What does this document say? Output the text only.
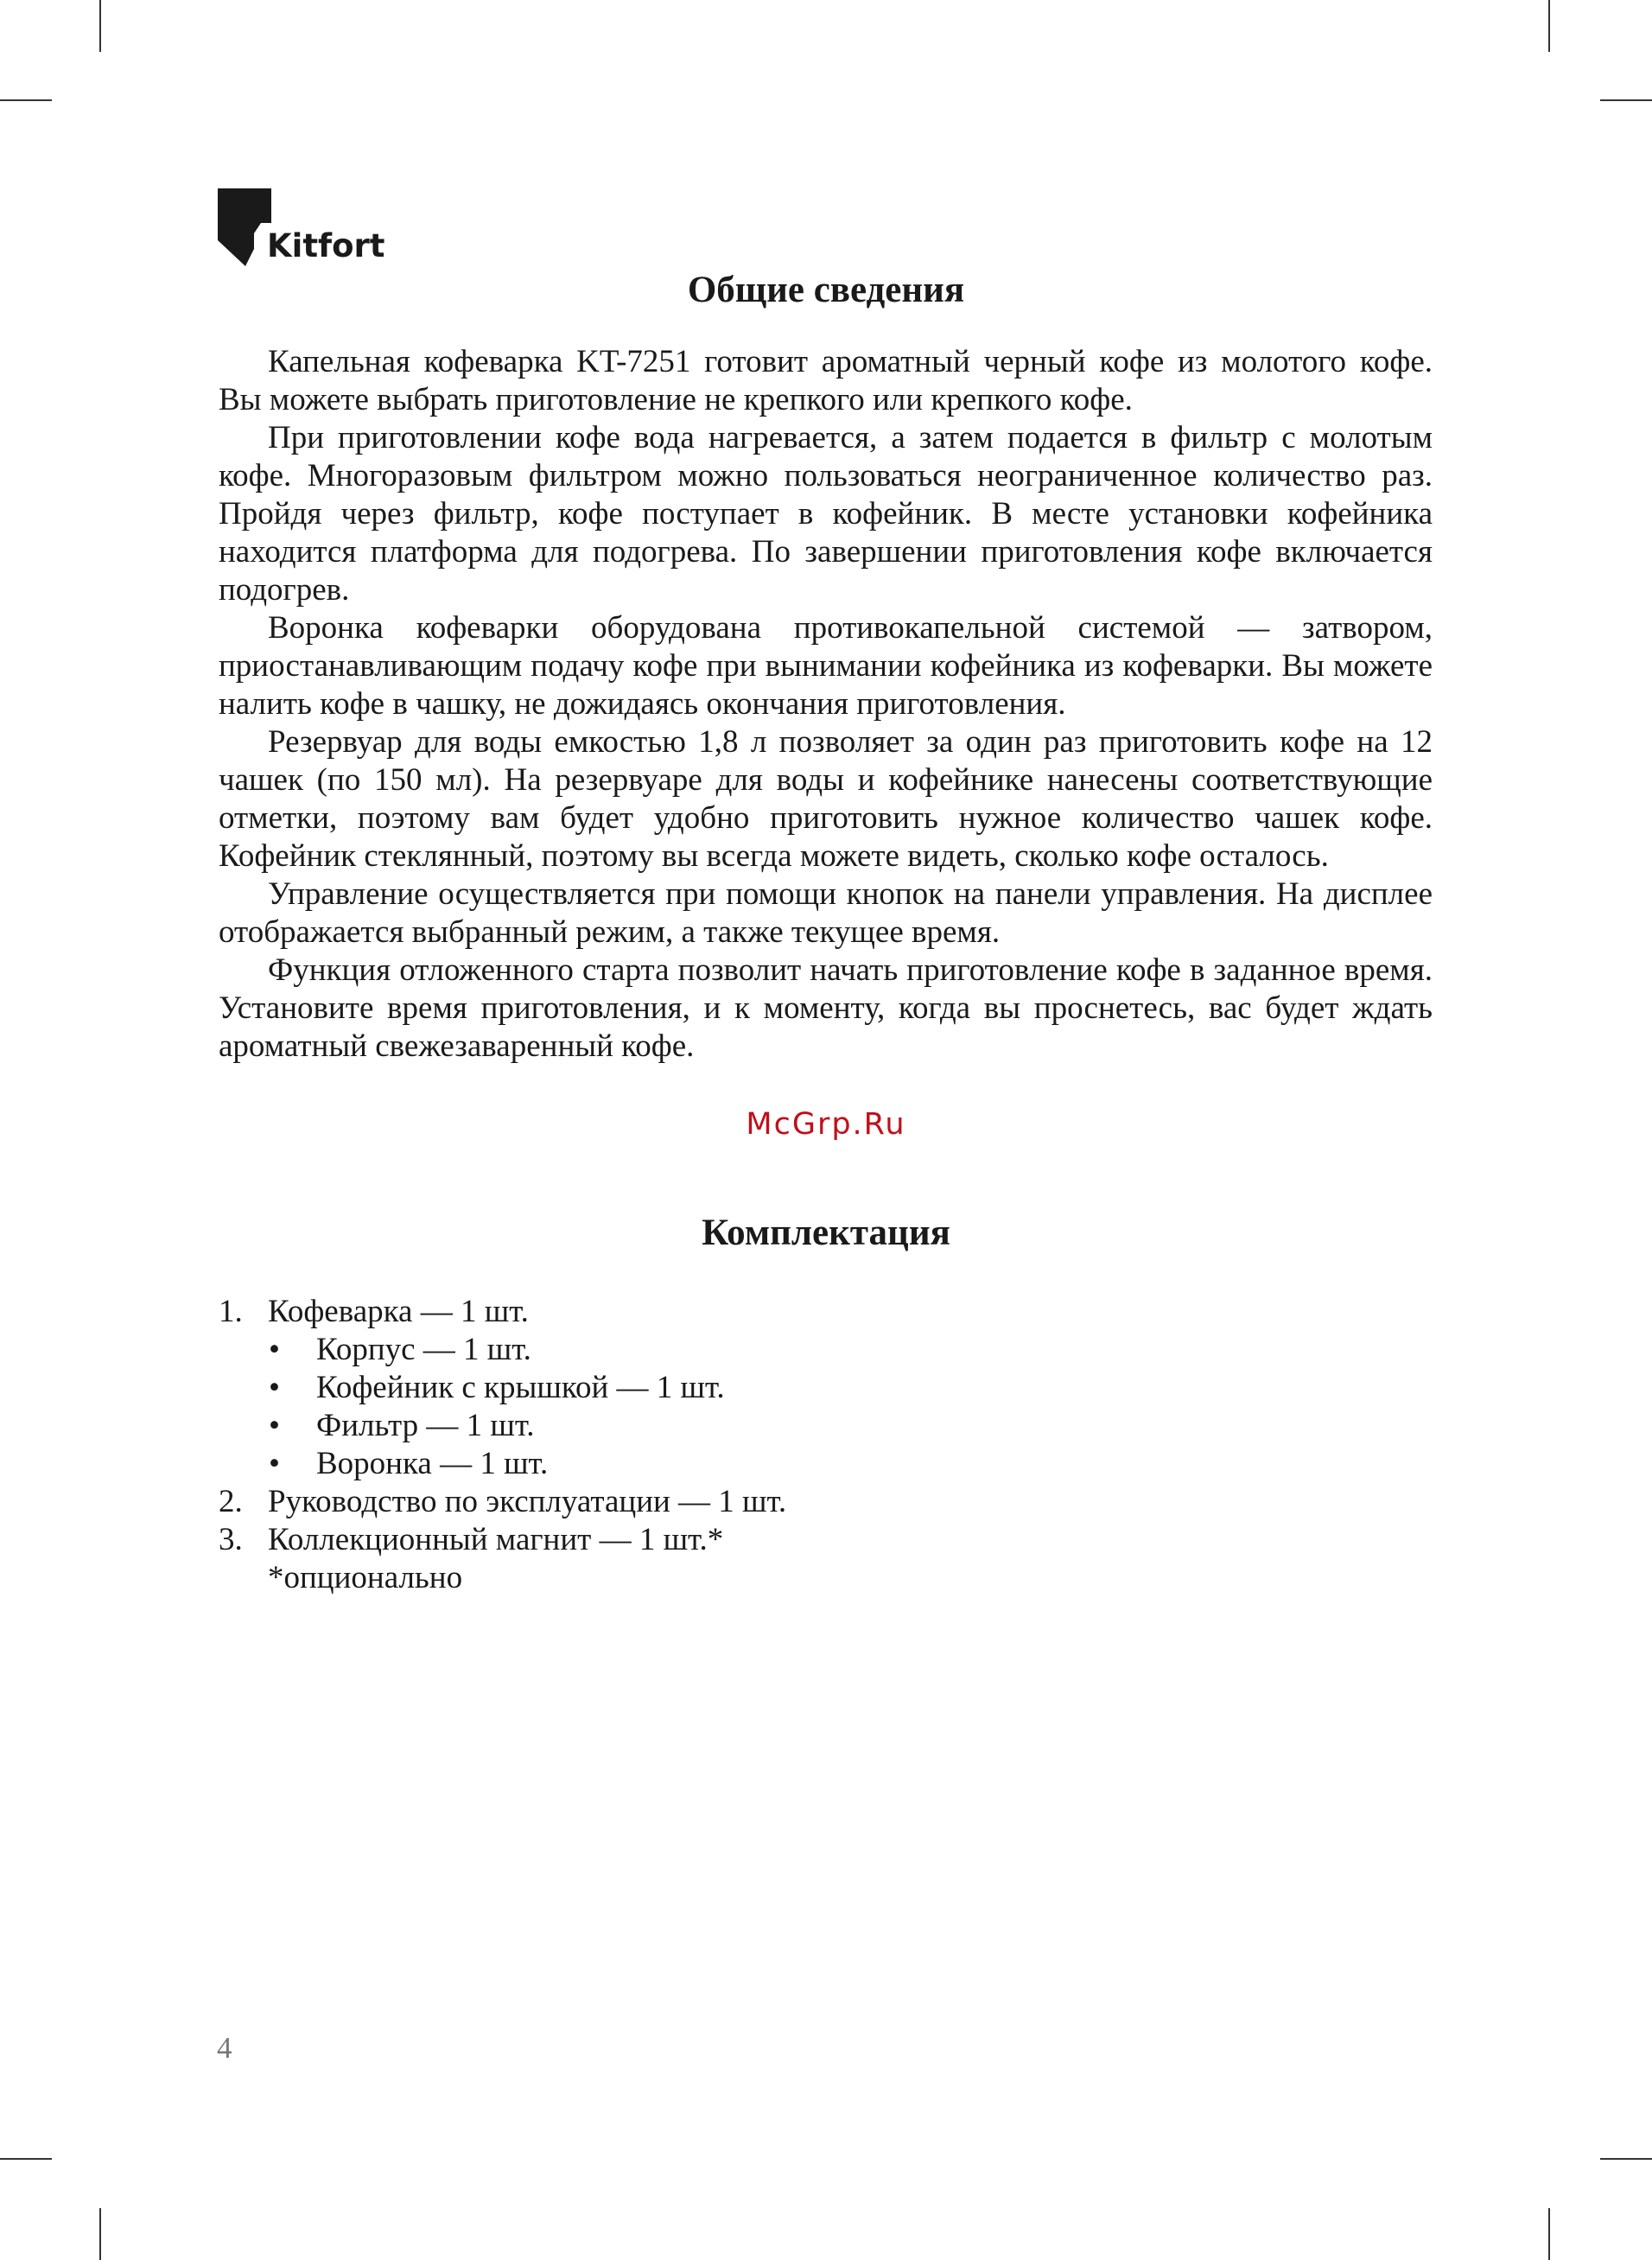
Kitfort
Общие сведения

Капельная кофеварка KT-7251 готовит ароматный черный кофе из молотого кофе. Вы можете выбрать приготовление не крепкого или крепкого кофе.

При приготовлении кофе вода нагревается, а затем подается в фильтр с молотым кофе. Многоразовым фильтром можно пользоваться неограниченное количество раз. Пройдя через фильтр, кофе поступает в кофейник. В месте установки кофейника находится платформа для подогрева. По завершении приготовления кофе включается подогрев.

Воронка кофеварки оборудована противокапельной системой — затвором, приостанавливающим подачу кофе при вынимании кофейника из кофеварки. Вы можете налить кофе в чашку, не дожидаясь окончания приготовления.

Резервуар для воды емкостью 1,8 л позволяет за один раз приготовить кофе на 12 чашек (по 150 мл). На резервуаре для воды и кофейнике нанесены соответствующие отметки, поэтому вам будет удобно приготовить нужное количество чашек кофе. Кофейник стеклянный, поэтому вы всегда можете видеть, сколько кофе осталось.

Управление осуществляется при помощи кнопок на панели управления. На дисплее отображается выбранный режим, а также текущее время.

Функция отложенного старта позволит начать приготовление кофе в заданное время. Установите время приготовления, и к моменту, когда вы проснетесь, вас будет ждать ароматный свежезаваренный кофе.

McGrp.Ru
Комплектация
1. Кофеварка — 1 шт.
• Корпус — 1 шт.
• Кофейник с крышкой — 1 шт.
• Фильтр — 1 шт.
• Воронка — 1 шт.
2. Руководство по эксплуатации — 1 шт.
3. Коллекционный магнит — 1 шт.*
*опционально
4
